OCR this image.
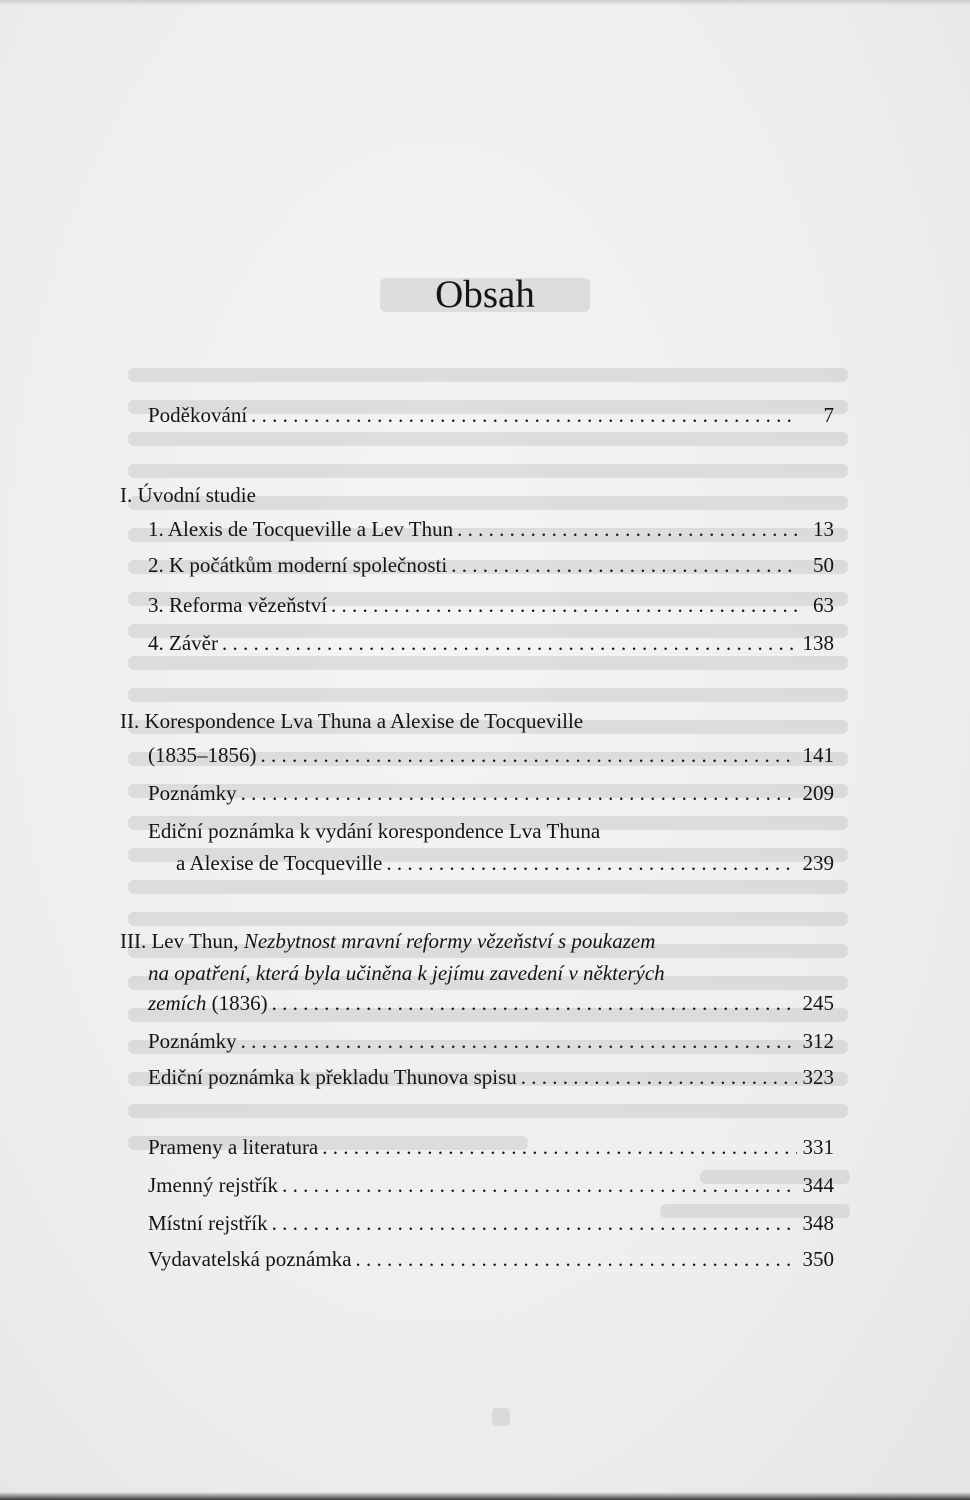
Obsah
Poděkování . . .	7
I. Úvodní studie
1. Alexis de Tocqueville a Lev Thun . . .	13
2. K počátkům moderní společnosti . . .	50
3. Reforma vězeňství . . .	63
4. Závěr . . .	138
II. Korespondence Lva Thuna a Alexise de Tocqueville
(1835–1856) . . .	141
Poznámky . . .	209
Ediční poznámka k vydání korespondence Lva Thuna
a Alexise de Tocqueville . . .	239
III. Lev Thun, Nezbytnost mravní reformy vězeňství s poukazem
na opatření, která byla učiněna k jejímu zavedení v některých
zemích (1836) . . .	245
Poznámky . . .	312
Ediční poznámka k překladu Thunova spisu . . .	323
Prameny a literatura . . .	331
Jmenný rejstřík . . .	344
Místní rejstřík . . .	348
Vydavatelská poznámka . . .	350
